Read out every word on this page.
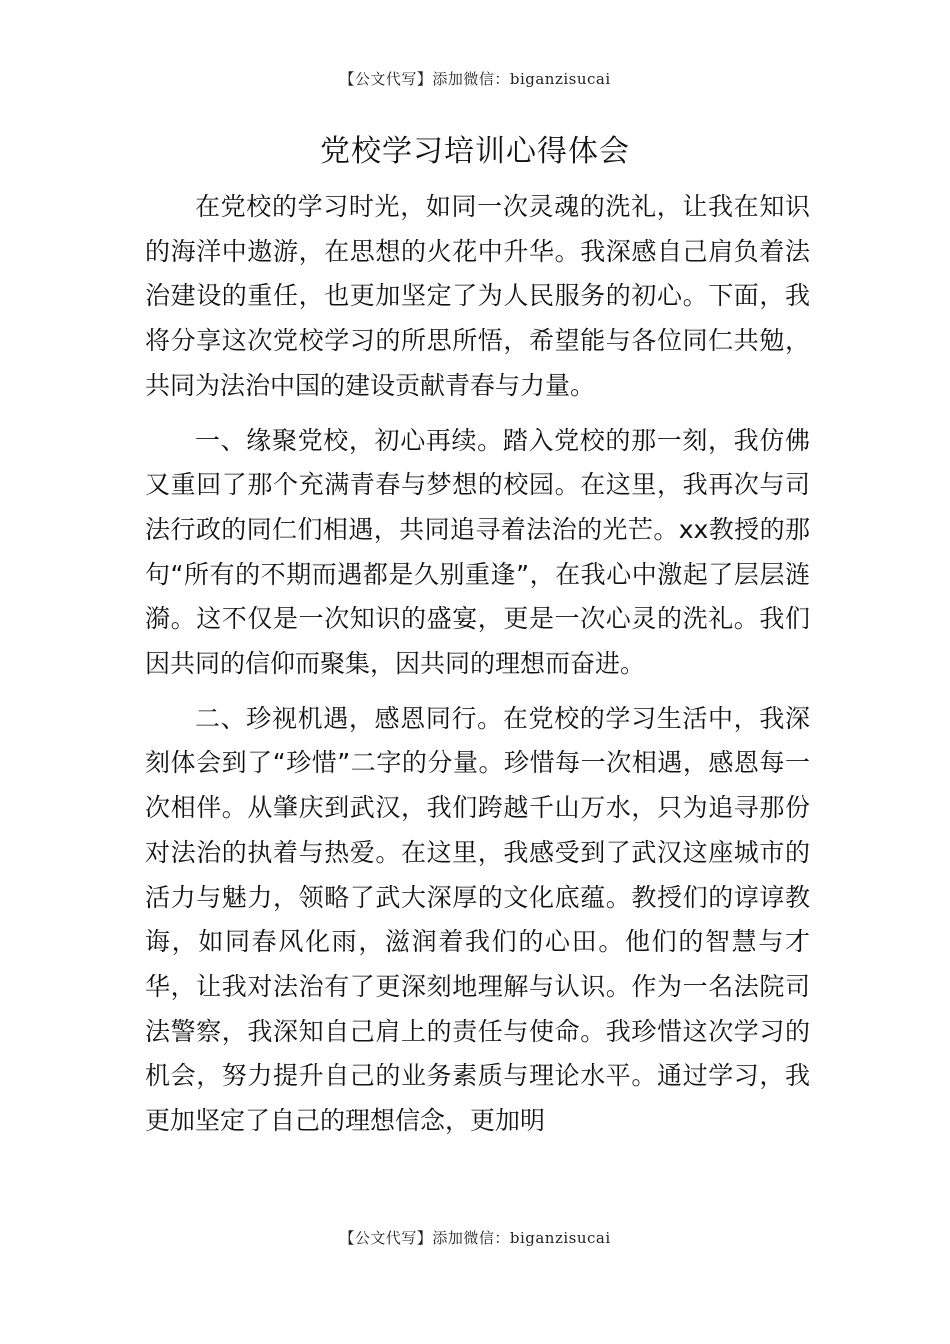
【公文代写】添加微信：biganzisucai
党校学习培训心得体会

在党校的学习时光，如同一次灵魂的洗礼，让我在知识的海洋中遨游，在思想的火花中升华。我深感自己肩负着法治建设的重任，也更加坚定了为人民服务的初心。下面，我将分享这次党校学习的所思所悟，希望能与各位同仁共勉，共同为法治中国的建设贡献青春与力量。

一、缘聚党校，初心再续。踏入党校的那一刻，我仿佛又重回了那个充满青春与梦想的校园。在这里，我再次与司法行政的同仁们相遇，共同追寻着法治的光芒。xx教授的那句“所有的不期而遇都是久别重逢”，在我心中激起了层层涟漪。这不仅是一次知识的盛宴，更是一次心灵的洗礼。我们因共同的信仰而聚集，因共同的理想而奋进。

二、珍视机遇，感恩同行。在党校的学习生活中，我深刻体会到了“珍惜”二字的分量。珍惜每一次相遇，感恩每一次相伴。从肇庆到武汉，我们跨越千山万水，只为追寻那份对法治的执着与热爱。在这里，我感受到了武汉这座城市的活力与魅力，领略了武大深厚的文化底蕴。教授们的谆谆教诲，如同春风化雨，滋润着我们的心田。他们的智慧与才华，让我对法治有了更深刻地理解与认识。作为一名法院司法警察，我深知自己肩上的责任与使命。我珍惜这次学习的机会，努力提升自己的业务素质与理论水平。通过学习，我更加坚定了自己的理想信念，更加明

【公文代写】添加微信：biganzisucai
